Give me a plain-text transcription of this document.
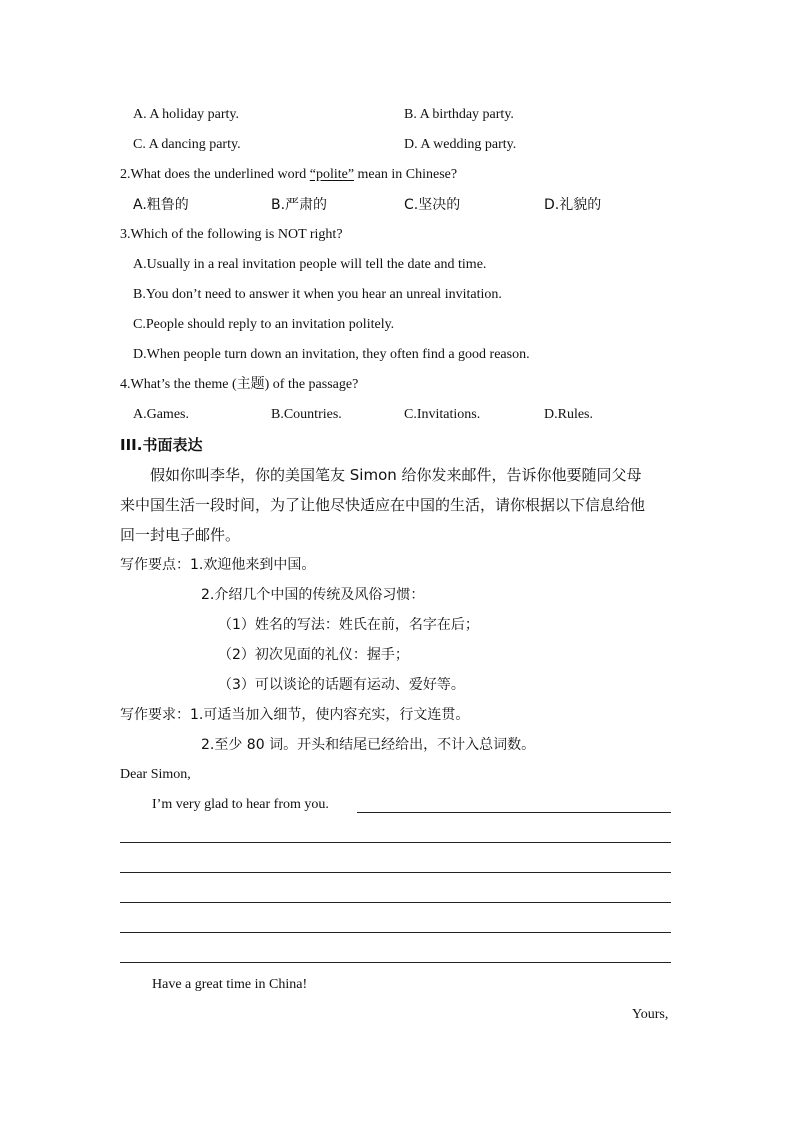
A. A holiday party.	B. A birthday party.
C. A dancing party.	D. A wedding party.
2.What does the underlined word “polite” mean in Chinese?
A.粗鲁的	B.严肃的	C.坚决的	D.礼貌的
3.Which of the following is NOT right?
A.Usually in a real invitation people will tell the date and time.
B.You don’t need to answer it when you hear an unreal invitation.
C.People should reply to an invitation politely.
D.When people turn down an invitation, they often find a good reason.
4.What’s the theme (主题) of the passage?
A.Games.	B.Countries.	C.Invitations.	D.Rules.
III.书面表达
假如你叫李华，你的美国笔友 Simon 给你发来邮件，告诉你他要随同父母
来中国生活一段时间，为了让他尽快适应在中国的生活，请你根据以下信息给他
回一封电子邮件。
写作要点：1.欢迎他来到中国。
2.介绍几个中国的传统及风俗习惯：
（1）姓名的写法：姓氏在前，名字在后；
（2）初次见面的礼仪：握手；
（3）可以谈论的话题有运动、爱好等。
写作要求：1.可适当加入细节，使内容充实，行文连贯。
2.至少 80 词。开头和结尾已经给出，不计入总词数。
Dear Simon,
I’m very glad to hear from you.
Have a great time in China!
Yours,
